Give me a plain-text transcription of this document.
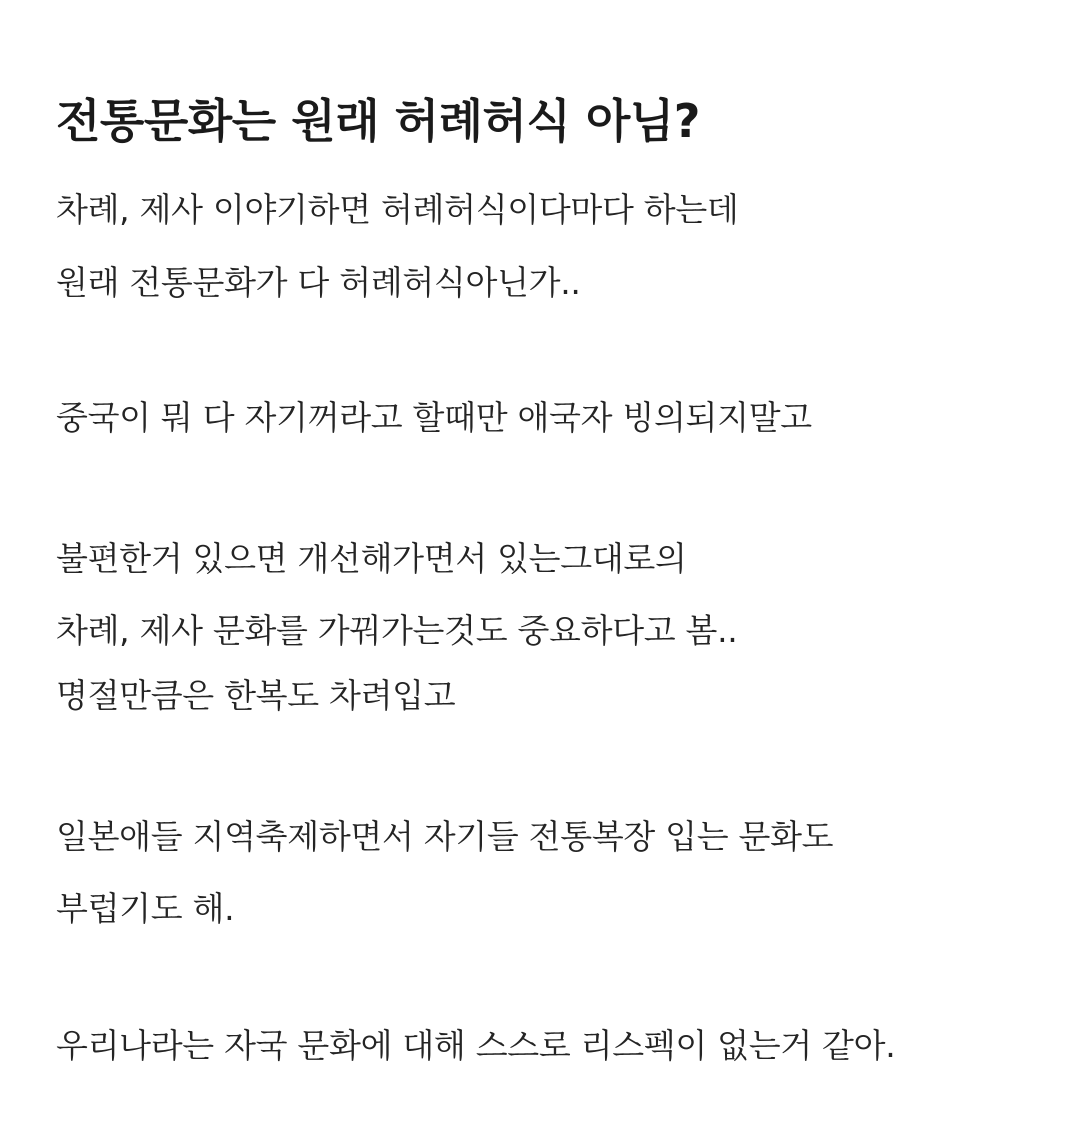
전통문화는 원래 허례허식 아님?

차례, 제사 이야기하면 허례허식이다마다 하는데

원래 전통문화가 다 허례허식아닌가..

중국이 뭐 다 자기꺼라고 할때만 애국자 빙의되지말고

불편한거 있으면 개선해가면서 있는그대로의

차례, 제사 문화를 가꿔가는것도 중요하다고 봄..

명절만큼은 한복도 차려입고

일본애들 지역축제하면서 자기들 전통복장 입는 문화도

부럽기도 해.

우리나라는 자국 문화에 대해 스스로 리스펙이 없는거 같아.
